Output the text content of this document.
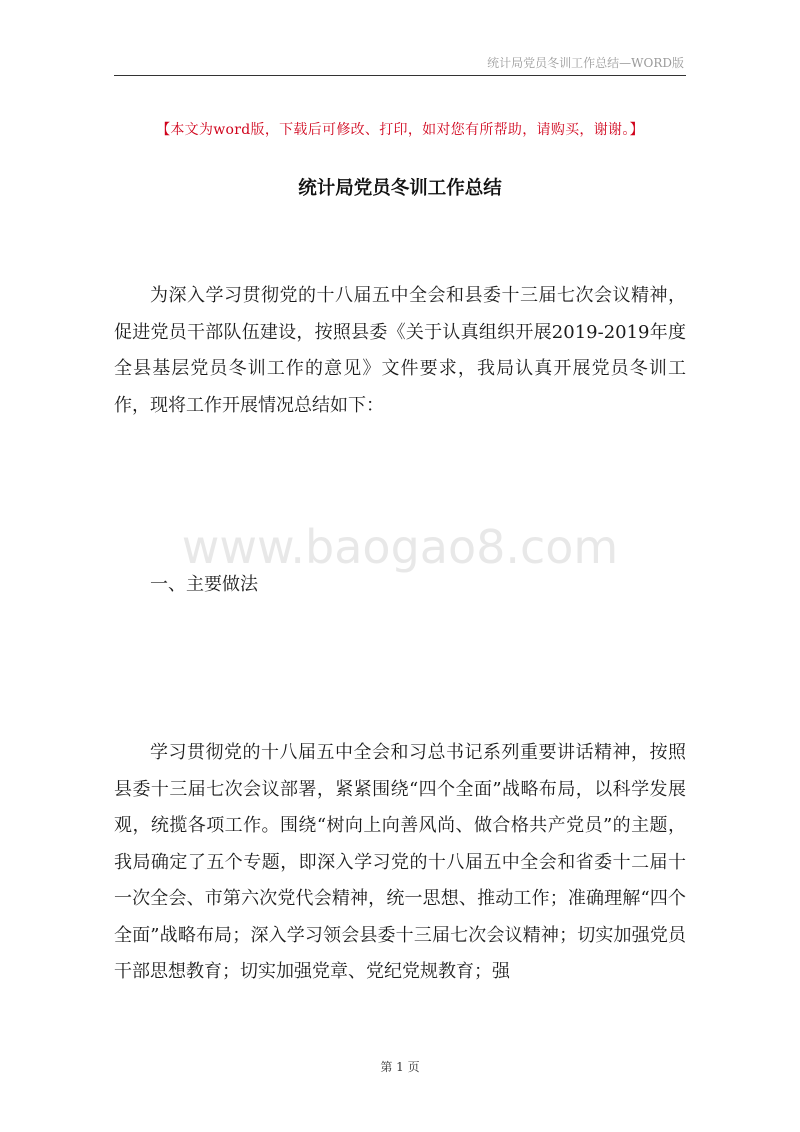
统计局党员冬训工作总结—WORD版
【本文为word版，下载后可修改、打印，如对您有所帮助，请购买，谢谢。】
统计局党员冬训工作总结

为深入学习贯彻党的十八届五中全会和县委十三届七次会议精神，促进党员干部队伍建设，按照县委《关于认真组织开展2019-2019年度全县基层党员冬训工作的意见》文件要求，我局认真开展党员冬训工作，现将工作开展情况总结如下：

www.baogao8.com

一、主要做法

学习贯彻党的十八届五中全会和习总书记系列重要讲话精神，按照县委十三届七次会议部署，紧紧围绕“四个全面”战略布局，以科学发展观，统揽各项工作。围绕“树向上向善风尚、做合格共产党员”的主题，我局确定了五个专题，即深入学习党的十八届五中全会和省委十二届十一次全会、市第六次党代会精神，统一思想、推动工作；准确理解“四个全面”战略布局；深入学习领会县委十三届七次会议精神；切实加强党员干部思想教育；切实加强党章、党纪党规教育；强

第 1 页
